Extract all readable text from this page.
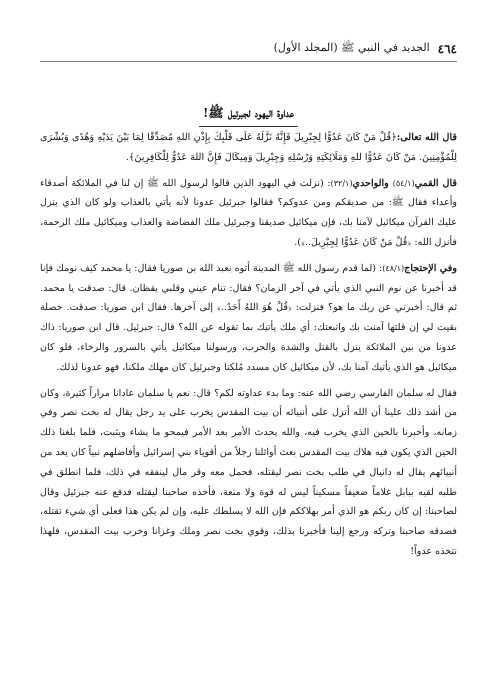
٤٦٤
الجديد في النبي ﷺ (المجلد الأول)
عداوة اليهود لجبرئيل ﷺ!

قال الله تعالى:﴿قُلْ مَنْ كَانَ عَدُوًّا لِجِبْرِيلَ فَإِنَّهُ نَزَّلَهُ عَلَى قَلْبِكَ بِإِذْنِ اللهِ مُصَدِّقًا لِمَا بَيْنَ يَدَيْهِ وَهُدًى وَبُشْرَى لِلْمُؤْمِنِينَ. مَنْ كَانَ عَدُوًّا للهِ وَمَلَائِكَتِهِ وَرُسُلِهِ وَجِبْرِيلَ وَمِيكَالَ فَإِنَّ اللهَ عَدُوٌّ لِلْكَافِرِينَ﴾.

قال القمي(٥٤/١) والواحدي(٣٢/١): (نزلت في اليهود الذين قالوا لرسول الله ﷺ إن لنا في الملائكة أصدقاء وأعداء فقال ﷺ: من صديقكم ومن عدوكم؟ فقالوا جبرئيل عدونا لأنه يأتي بالعذاب ولو كان الذي ينزل عليك القرآن ميكائيل لآمنا بك، فإن ميكائيل صديقنا وجبرئيل ملك الفضاضة والعذاب وميكائيل ملك الرحمة، فأنزل الله: ﴿قُلْ مَنْ كَانَ عَدُوًّا لِجِبْرِيلَ..﴾).

وفي الإحتجاج(٤٨/١): (لما قدم رسول الله ﷺ المدينة أتوه بعبد الله بن صوريا فقال: يا محمد كيف نومك فإنا قد أخبرنا عن نوم النبي الذي يأتي في آخر الزمان؟ فقال: تنام عيني وقلبي يقظان. قال: صدقت يا محمد. ثم قال: أخبرني عن ربك ما هو؟ فنزلت: ﴿قُلْ هُوَ اللهُ أَحَدٌ..﴾ إلى آخرها. فقال ابن صوريا: صدقت. خصلة بقيت لي إن قلتها آمنت بك واتبعتك: أي ملك يأتيك بما تقوله عن الله؟ قال: جبرئيل. قال ابن صوريا: ذاك عدونا من بين الملائكة ينزل بالقتل والشدة والحرب، ورسولنا ميكائيل يأتي بالسرور والرخاء، فلو كان ميكائيل هو الذي يأتيك آمنا بك، لأن ميكائيل كان مسدد مُلكنا وجبرئيل كان مهلك ملكنا، فهو عدونا لذلك.

فقال له سلمان الفارسي رضي الله عنه: وما بدء عداوته لكم؟ قال: نعم يا سلمان عادانا مراراً كثيرة، وكان من أشد ذلك علينا أن الله أنزل على أنبيائه أن بيت المقدس يخرب على يد رجل يقال له بخت نصر وفي زمانه، وأخبرنا بالحين الذي يخرب فيه، والله يحدث الأمر بعد الأمر فيمحو ما يشاء ويثبت، فلما بلغنا ذلك الحين الذي يكون فيه هلاك بيت المقدس بعث أوائلنا رجلاً من أقوياء بني إسرائيل وأفاضلهم نبياً كان يعد من أنبيائهم يقال له دانيال في طلب بخت نصر ليقتله، فحمل معه وقر مال لينفقه في ذلك، فلما انطلق في طلبه لقيه ببابل غلاماً ضعيفاً مسكيناً ليس له قوة ولا منعة، فأخذه صاحبنا ليقتله فدفع عنه جبرئيل وقال لصاحبنا: إن كان ربكم هو الذي أمر بهلاككم فإن الله لا يسلطك عليه، وإن لم يكن هذا فعلى أي شيء تقتله، فصدقه صاحبنا وتركه ورجع إلينا فأخبرنا بذلك، وقوي بخت نصر وملك وغزانا وخرب بيت المقدس، فلهذا نتخذه عدواً!
